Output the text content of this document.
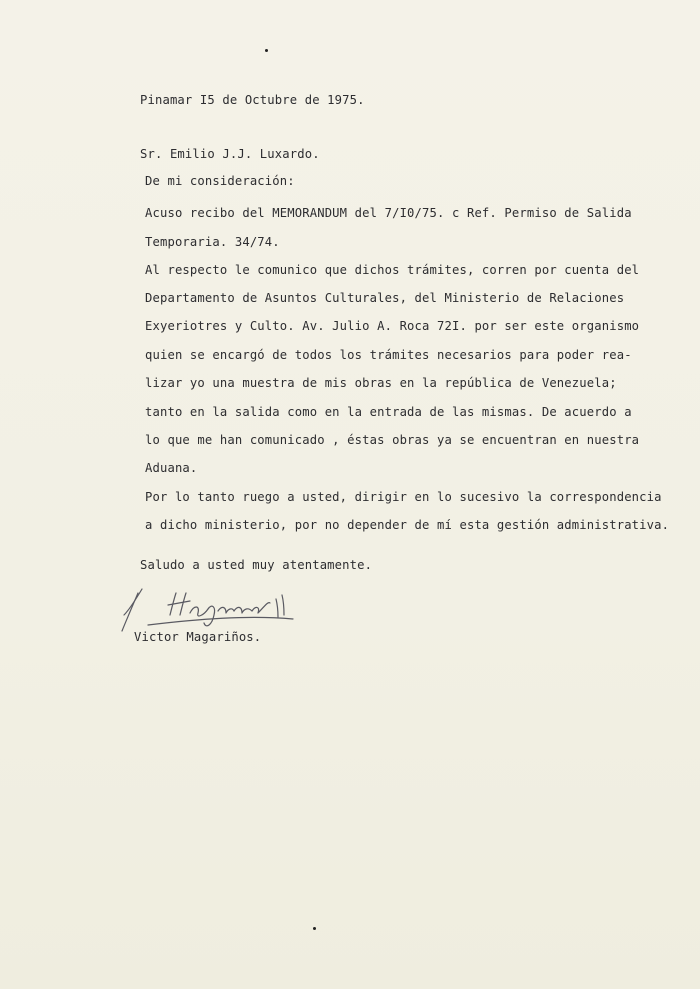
Pinamar I5 de Octubre de 1975.
Sr. Emilio J.J. Luxardo.
De mi consideración:
Acuso recibo del MEMORANDUM del 7/I0/75. c Ref. Permiso de Salida
Temporaria. 34/74.
Al respecto le comunico que dichos trámites, corren por cuenta del
Departamento de Asuntos Culturales, del Ministerio de Relaciones
Exyeriotres y Culto. Av. Julio A. Roca 72I. por ser este organismo
quien se encargó de todos los trámites necesarios para poder rea-
lizar yo una muestra de mis obras en la república de Venezuela;
tanto en la salida como en la entrada de las mismas. De acuerdo a
lo que me han comunicado , éstas obras ya se encuentran en nuestra
Aduana.
Por lo tanto ruego a usted, dirigir en lo sucesivo la correspondencia
a dicho ministerio, por no depender de mí esta gestión administrativa.
Saludo a usted muy atentamente.
Victor Magariños.
